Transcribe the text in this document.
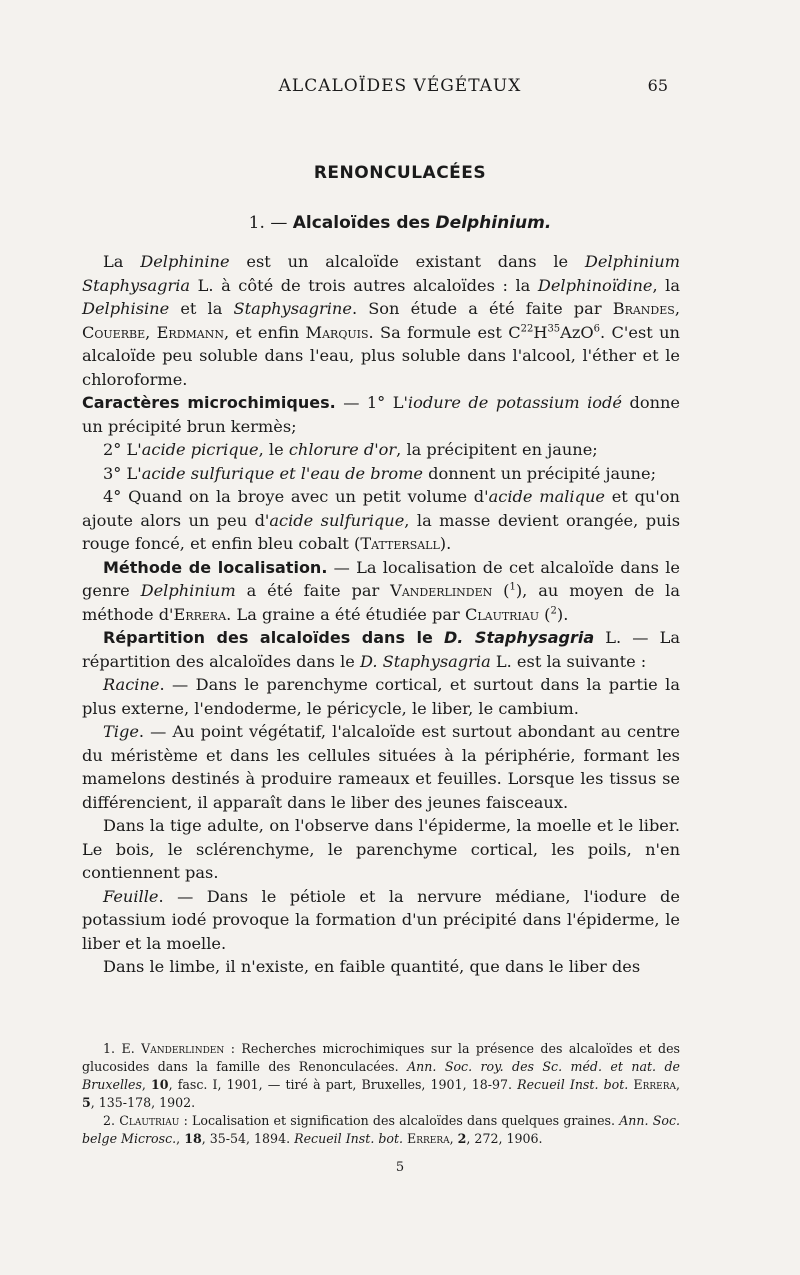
ALCALOÏDES VÉGÉTAUX	65
RENONCULACÉES
1. — Alcaloïdes des Delphinium.

La Delphinine est un alcaloïde existant dans le Delphinium Staphysagria L. à côté de trois autres alcaloïdes : la Delphinoïdine, la Delphisine et la Staphysagrine. Son étude a été faite par Brandes, Couerbe, Erdmann, et enfin Marquis. Sa formule est $C^{22}H^{35}AzO^6$. C'est un alcaloïde peu soluble dans l'eau, plus soluble dans l'alcool, l'éther et le chloroforme.

Caractères microchimiques. — 1° L'iodure de potassium iodé donne un précipité brun kermès;

2° L'acide picrique, le chlorure d'or, la précipitent en jaune;

3° L'acide sulfurique et l'eau de brome donnent un précipité jaune;

4° Quand on la broye avec un petit volume d'acide malique et qu'on ajoute alors un peu d'acide sulfurique, la masse devient orangée, puis rouge foncé, et enfin bleu cobalt (Tattersall).

Méthode de localisation. — La localisation de cet alcaloïde dans le genre Delphinium a été faite par Vanderlinden ($^1$), au moyen de la méthode d'Errera. La graine a été étudiée par Clautriau ($^2$).

Répartition des alcaloïdes dans le D. Staphysagria L. — La répartition des alcaloïdes dans le D. Staphysagria L. est la suivante :

Racine. — Dans le parenchyme cortical, et surtout dans la partie la plus externe, l'endoderme, le péricycle, le liber, le cambium.

Tige. — Au point végétatif, l'alcaloïde est surtout abondant au centre du méristème et dans les cellules situées à la périphérie, formant les mamelons destinés à produire rameaux et feuilles. Lorsque les tissus se différencient, il apparaît dans le liber des jeunes faisceaux.

Dans la tige adulte, on l'observe dans l'épiderme, la moelle et le liber. Le bois, le sclérenchyme, le parenchyme cortical, les poils, n'en contiennent pas.

Feuille. — Dans le pétiole et la nervure médiane, l'iodure de potassium iodé provoque la formation d'un précipité dans l'épiderme, le liber et la moelle.

Dans le limbe, il n'existe, en faible quantité, que dans le liber des

1. E. Vanderlinden : Recherches microchimiques sur la présence des alcaloïdes et des glucosides dans la famille des Renonculacées. Ann. Soc. roy. des Sc. méd. et nat. de Bruxelles, 10, fasc. I, 1901, — tiré à part, Bruxelles, 1901, 18-97. Recueil Inst. bot. Errera, 5, 135-178, 1902.

2. Clautriau : Localisation et signification des alcaloïdes dans quelques graines. Ann. Soc. belge Microsc., 18, 35-54, 1894. Recueil Inst. bot. Errera, 2, 272, 1906.

5
